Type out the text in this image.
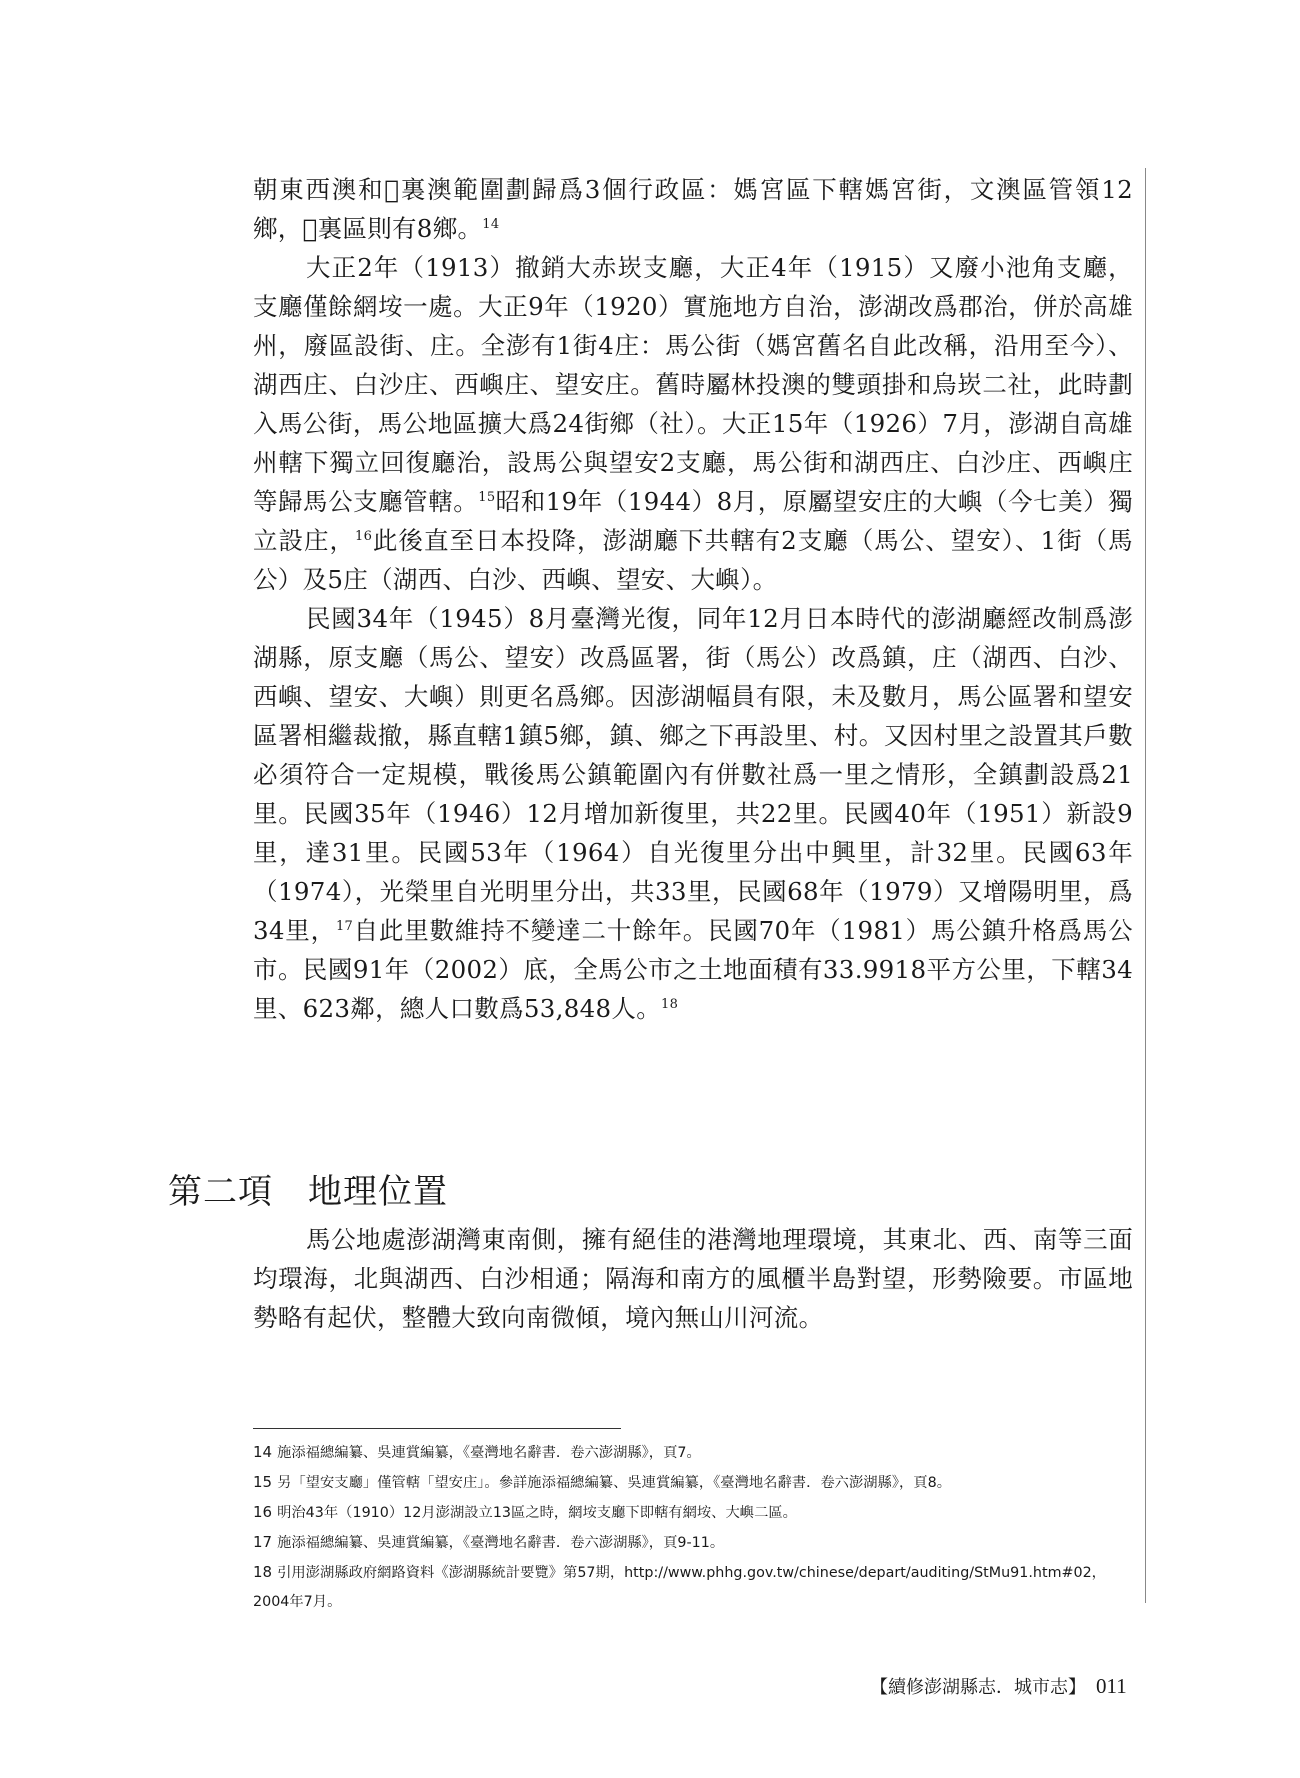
朝東西澳和𡋟裏澳範圍劃歸爲3個行政區：媽宮區下轄媽宮街，文澳區管領12鄉，𡋟裏區則有8鄉。$^{14}$

大正2年（1913）撤銷大赤崁支廳，大正4年（1915）又廢小池角支廳，支廳僅餘網垵一處。大正9年（1920）實施地方自治，澎湖改爲郡治，併於高雄州，廢區設街、庄。全澎有1街4庄：馬公街（媽宮舊名自此改稱，沿用至今）、湖西庄、白沙庄、西嶼庄、望安庄。舊時屬林投澳的雙頭掛和烏崁二社，此時劃入馬公街，馬公地區擴大爲24街鄉（社）。大正15年（1926）7月，澎湖自高雄州轄下獨立回復廳治，設馬公與望安2支廳，馬公街和湖西庄、白沙庄、西嶼庄等歸馬公支廳管轄。$^{15}$昭和19年（1944）8月，原屬望安庄的大嶼（今七美）獨立設庄，$^{16}$此後直至日本投降，澎湖廳下共轄有2支廳（馬公、望安）、1街（馬公）及5庄（湖西、白沙、西嶼、望安、大嶼）。

民國34年（1945）8月臺灣光復，同年12月日本時代的澎湖廳經改制爲澎湖縣，原支廳（馬公、望安）改爲區署，街（馬公）改爲鎮，庄（湖西、白沙、西嶼、望安、大嶼）則更名爲鄉。因澎湖幅員有限，未及數月，馬公區署和望安區署相繼裁撤，縣直轄1鎮5鄉，鎮、鄉之下再設里、村。又因村里之設置其戶數必須符合一定規模，戰後馬公鎮範圍內有併數社爲一里之情形，全鎮劃設爲21里。民國35年（1946）12月增加新復里，共22里。民國40年（1951）新設9里，達31里。民國53年（1964）自光復里分出中興里，計32里。民國63年（1974），光榮里自光明里分出，共33里，民國68年（1979）又增陽明里，爲34里，$^{17}$自此里數維持不變達二十餘年。民國70年（1981）馬公鎮升格爲馬公市。民國91年（2002）底，全馬公市之土地面積有33.9918平方公里，下轄34里、623鄰，總人口數爲53,848人。$^{18}$

第二項　地理位置

馬公地處澎湖灣東南側，擁有絕佳的港灣地理環境，其東北、西、南等三面均環海，北與湖西、白沙相通；隔海和南方的風櫃半島對望，形勢險要。市區地勢略有起伏，整體大致向南微傾，境內無山川河流。

14 施添福總編纂、吳連賞編纂，《臺灣地名辭書．卷六澎湖縣》，頁7。

15 另「望安支廳」僅管轄「望安庄」。參詳施添福總編纂、吳連賞編纂，《臺灣地名辭書．卷六澎湖縣》，頁8。

16 明治43年（1910）12月澎湖設立13區之時，網垵支廳下即轄有網垵、大嶼二區。

17 施添福總編纂、吳連賞編纂，《臺灣地名辭書．卷六澎湖縣》，頁9-11。

18 引用澎湖縣政府網路資料《澎湖縣統計要覽》第57期，http://www.phhg.gov.tw/chinese/depart/auditing/StMu91.htm#02，2004年7月。

【續修澎湖縣志．城市志】 011
